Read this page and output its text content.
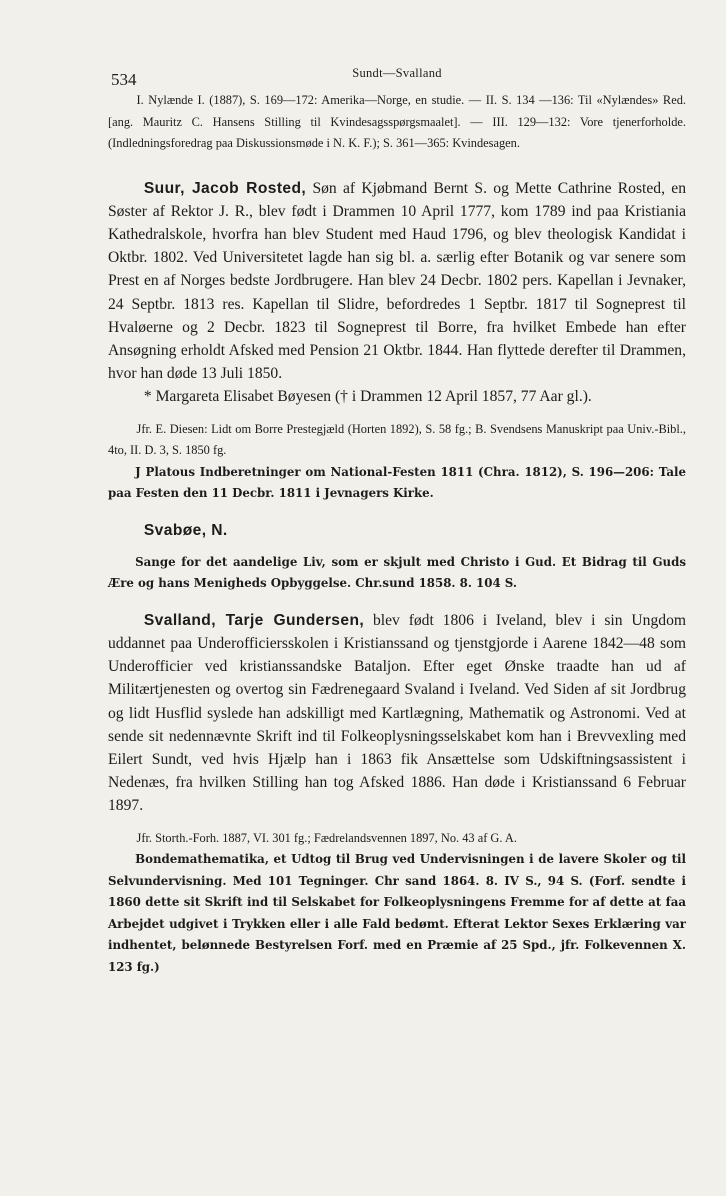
534	Sundt—Svalland

I. Nylænde I. (1887), S. 169—172: Amerika—Norge, en studie. — II. S. 134 —136: Til «Nylændes» Red. [ang. Mauritz C. Hansens Stilling til Kvindesagsspørgsmaalet]. — III. 129—132: Vore tjenerforholde. (Indledningsforedrag paa Diskussionsmøde i N. K. F.); S. 361—365: Kvindesagen.

Suur, Jacob Rosted, Søn af Kjøbmand Bernt S. og Mette Cathrine Rosted, en Søster af Rektor J. R., blev født i Drammen 10 April 1777, kom 1789 ind paa Kristiania Kathedralskole, hvorfra han blev Student med Haud 1796, og blev theologisk Kandidat i Oktbr. 1802. Ved Universitetet lagde han sig bl. a. særlig efter Botanik og var senere som Prest en af Norges bedste Jordbrugere. Han blev 24 Decbr. 1802 pers. Kapellan i Jevnaker, 24 Septbr. 1813 res. Kapellan til Slidre, befordredes 1 Septbr. 1817 til Sogneprest til Hvaløerne og 2 Decbr. 1823 til Sogneprest til Borre, fra hvilket Embede han efter Ansøgning erholdt Afsked med Pension 21 Oktbr. 1844. Han flyttede derefter til Drammen, hvor han døde 13 Juli 1850.

* Margareta Elisabet Bøyesen († i Drammen 12 April 1857, 77 Aar gl.).

Jfr. E. Diesen: Lidt om Borre Prestegjæld (Horten 1892), S. 58 fg.; B. Svendsens Manuskript paa Univ.-Bibl., 4to, II. D. 3, S. 1850 fg.

J Platous Indberetninger om National-Festen 1811 (Chra. 1812), S. 196—206: Tale paa Festen den 11 Decbr. 1811 i Jevnagers Kirke.

Svabøe, N.

Sange for det aandelige Liv, som er skjult med Christo i Gud. Et Bidrag til Guds Ære og hans Menigheds Opbyggelse. Chr.sund 1858. 8. 104 S.

Svalland, Tarje Gundersen, blev født 1806 i Iveland, blev i sin Ungdom uddannet paa Underofficiersskolen i Kristianssand og tjenstgjorde i Aarene 1842—48 som Underofficier ved kristianssandske Bataljon. Efter eget Ønske traadte han ud af Militærtjenesten og overtog sin Fædrenegaard Svaland i Iveland. Ved Siden af sit Jordbrug og lidt Husflid syslede han adskilligt med Kartlægning, Mathematik og Astronomi. Ved at sende sit nedennævnte Skrift ind til Folkeoplysningsselskabet kom han i Brevvexling med Eilert Sundt, ved hvis Hjælp han i 1863 fik Ansættelse som Udskiftningsassistent i Nedenæs, fra hvilken Stilling han tog Afsked 1886. Han døde i Kristianssand 6 Februar 1897.

Jfr. Storth.-Forh. 1887, VI. 301 fg.; Fædrelandsvennen 1897, No. 43 af G. A.

Bondemathematika, et Udtog til Brug ved Undervisningen i de lavere Skoler og til Selvundervisning. Med 101 Tegninger. Chr sand 1864. 8. IV S., 94 S. (Forf. sendte i 1860 dette sit Skrift ind til Selskabet for Folkeoplysningens Fremme for af dette at faa Arbejdet udgivet i Trykken eller i alle Fald bedømt. Efterat Lektor Sexes Erklæring var indhentet, belønnede Bestyrelsen Forf. med en Præmie af 25 Spd., jfr. Folkevennen X. 123 fg.)
